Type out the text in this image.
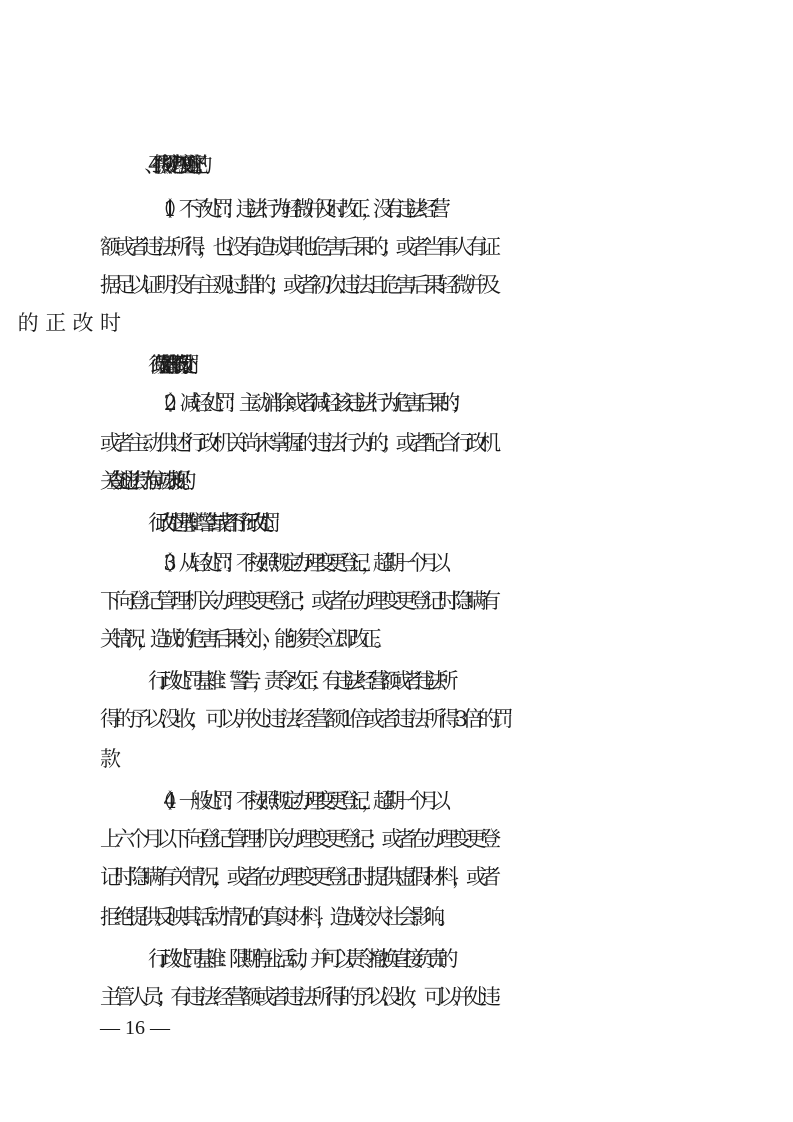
4、不按照规定办理变更登记的；
（1）不予处罚：违法行为轻微并及时改正，没有违法经营
额或者违法所得，也没有造成其他危害后果的；或者当事人有证
据足以证明没有主观过错的；或者初次违法且危害后果轻微并及
行政处罚基准：不予行政处罚。
（2）减轻处罚：主动消除或者减轻该违法行为危害后果的；
或者主动供述行政机关尚未掌握的违法行为的；或者配合行政机
关查处违法行为有立功表现的。
行政处罚基准：警告或者不予行政处罚。
（3）从轻处罚：不按照规定办理变更登记，超期一个月以
下向登记管理机关办理变更登记；或者在办理变更登记时隐瞒有
关情况，造成的危害后果较小，能够责令立即改正。
行政处罚基准：警告，责令改正；有违法经营额或者违法所
得的予以没收，可以并处违法经营额 1 倍或者违法所得 3 倍的罚
（4）一般处罚：不按照规定办理变更登记，超期一个月以
上六个月以下向登记管理机关办理变更登记；或者在办理变更登
记时隐瞒有关情况，或者在办理变更登记时提供虚假材料，或者
拒绝提供反映其活动情况的真实材料，造成较大社会影响。
行政处罚基准：限期停止活动，并可以责令撤换直接负责的
主管人员；有违法经营额或者违法所得的予以没收，可以并处违
— 16 —
